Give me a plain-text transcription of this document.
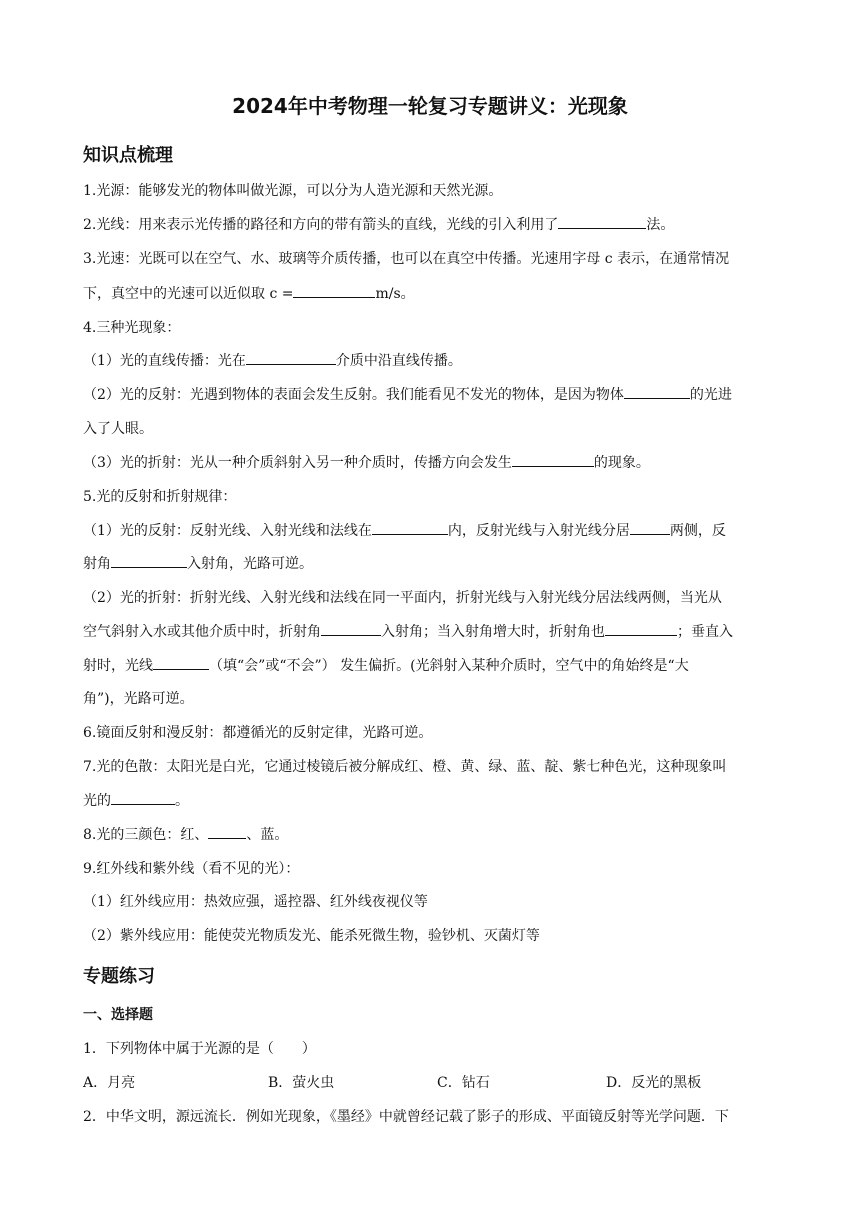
2024年中考物理一轮复习专题讲义：光现象
知识点梳理
1.光源：能够发光的物体叫做光源，可以分为人造光源和天然光源。
2.光线：用来表示光传播的路径和方向的带有箭头的直线，光线的引入利用了	法。
3.光速：光既可以在空气、水、玻璃等介质传播，也可以在真空中传播。光速用字母 c 表示，在通常情况
下，真空中的光速可以近似取 c =	m/s。
4.三种光现象：
（1）光的直线传播：光在	介质中沿直线传播。
（2）光的反射：光遇到物体的表面会发生反射。我们能看见不发光的物体，是因为物体	的光进
入了人眼。
（3）光的折射：光从一种介质斜射入另一种介质时，传播方向会发生	的现象。
5.光的反射和折射规律：
（1）光的反射：反射光线、入射光线和法线在	内，反射光线与入射光线分居	两侧，反
射角	入射角，光路可逆。
（2）光的折射：折射光线、入射光线和法线在同一平面内，折射光线与入射光线分居法线两侧，当光从
空气斜射入水或其他介质中时，折射角	入射角；当入射角增大时，折射角也	；垂直入
射时，光线	（填“会”或“不会”） 发生偏折。(光斜射入某种介质时，空气中的角始终是“大
角”)，光路可逆。
6.镜面反射和漫反射：都遵循光的反射定律，光路可逆。
7.光的色散：太阳光是白光，它通过棱镜后被分解成红、橙、黄、绿、蓝、靛、紫七种色光，这种现象叫
光的	。
8.光的三颜色：红、	、蓝。
9.红外线和紫外线（看不见的光）：
（1）红外线应用：热效应强，遥控器、红外线夜视仪等
（2）紫外线应用：能使荧光物质发光、能杀死微生物，验钞机、灭菌灯等
专题练习
一、选择题
1．下列物体中属于光源的是（　　）
A．月亮	B．萤火虫	C．钻石	D．反光的黑板
2．中华文明，源远流长．例如光现象，《墨经》中就曾经记载了影子的形成、平面镜反射等光学问题．下
